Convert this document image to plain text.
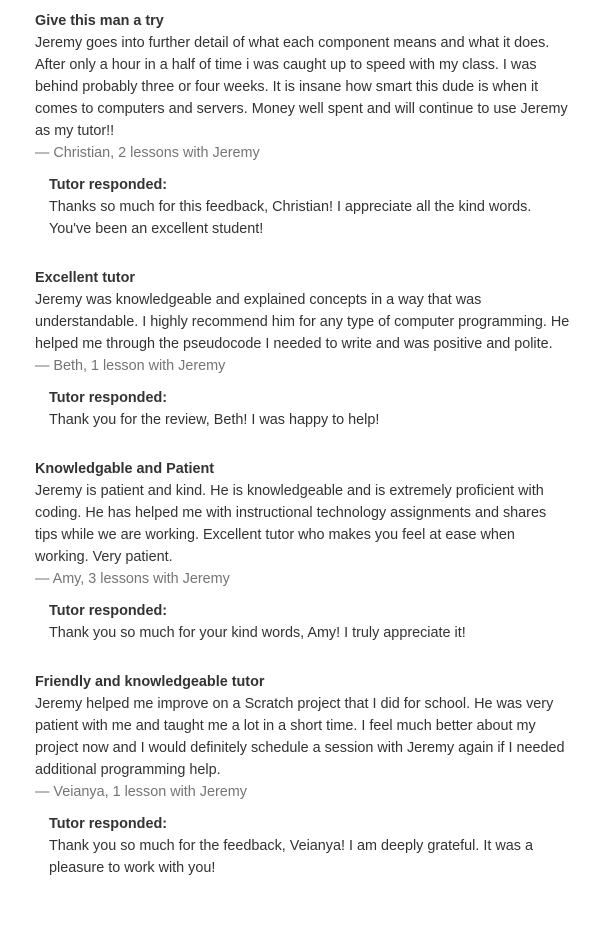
Give this man a try

Jeremy goes into further detail of what each component means and what it does. After only a hour in a half of time i was caught up to speed with my class. I was behind probably three or four weeks. It is insane how smart this dude is when it comes to computers and servers. Money well spent and will continue to use Jeremy as my tutor!!

— Christian, 2 lessons with Jeremy
Tutor responded:
Thanks so much for this feedback, Christian! I appreciate all the kind words. You've been an excellent student!
Excellent tutor

Jeremy was knowledgeable and explained concepts in a way that was understandable. I highly recommend him for any type of computer programming. He helped me through the pseudocode I needed to write and was positive and polite.

— Beth, 1 lesson with Jeremy
Tutor responded:
Thank you for the review, Beth! I was happy to help!
Knowledgable and Patient

Jeremy is patient and kind. He is knowledgeable and is extremely proficient with coding. He has helped me with instructional technology assignments and shares tips while we are working. Excellent tutor who makes you feel at ease when working. Very patient.

— Amy, 3 lessons with Jeremy
Tutor responded:
Thank you so much for your kind words, Amy! I truly appreciate it!
Friendly and knowledgeable tutor

Jeremy helped me improve on a Scratch project that I did for school. He was very patient with me and taught me a lot in a short time. I feel much better about my project now and I would definitely schedule a session with Jeremy again if I needed additional programming help.

— Veianya, 1 lesson with Jeremy
Tutor responded:
Thank you so much for the feedback, Veianya! I am deeply grateful. It was a pleasure to work with you!
